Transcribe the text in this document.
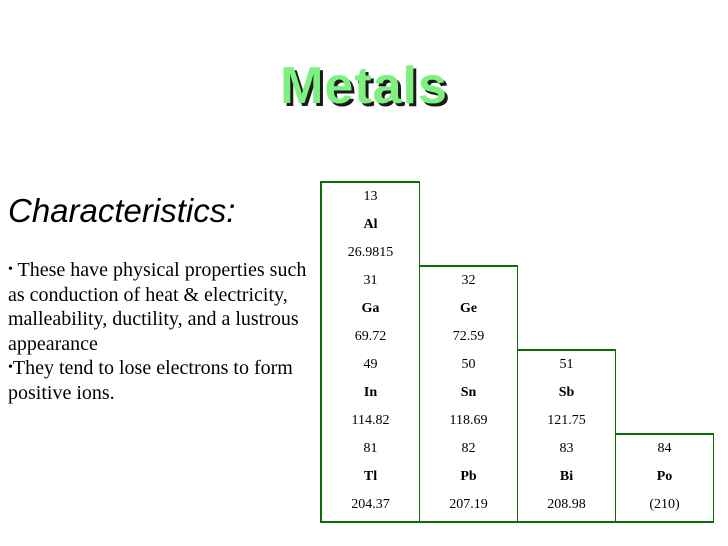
Metals
Characteristics:

• These have physical properties such as conduction of heat & electricity, malleability, ductility, and a lustrous appearance

•They tend to lose electrons to form positive ions.

13
Al
26.9815
31
Ga
69.72
32
Ge
72.59
49
In
114.82
50
Sn
118.69
51
Sb
121.75
81
Tl
204.37
82
Pb
207.19
83
Bi
208.98
84
Po
(210)
